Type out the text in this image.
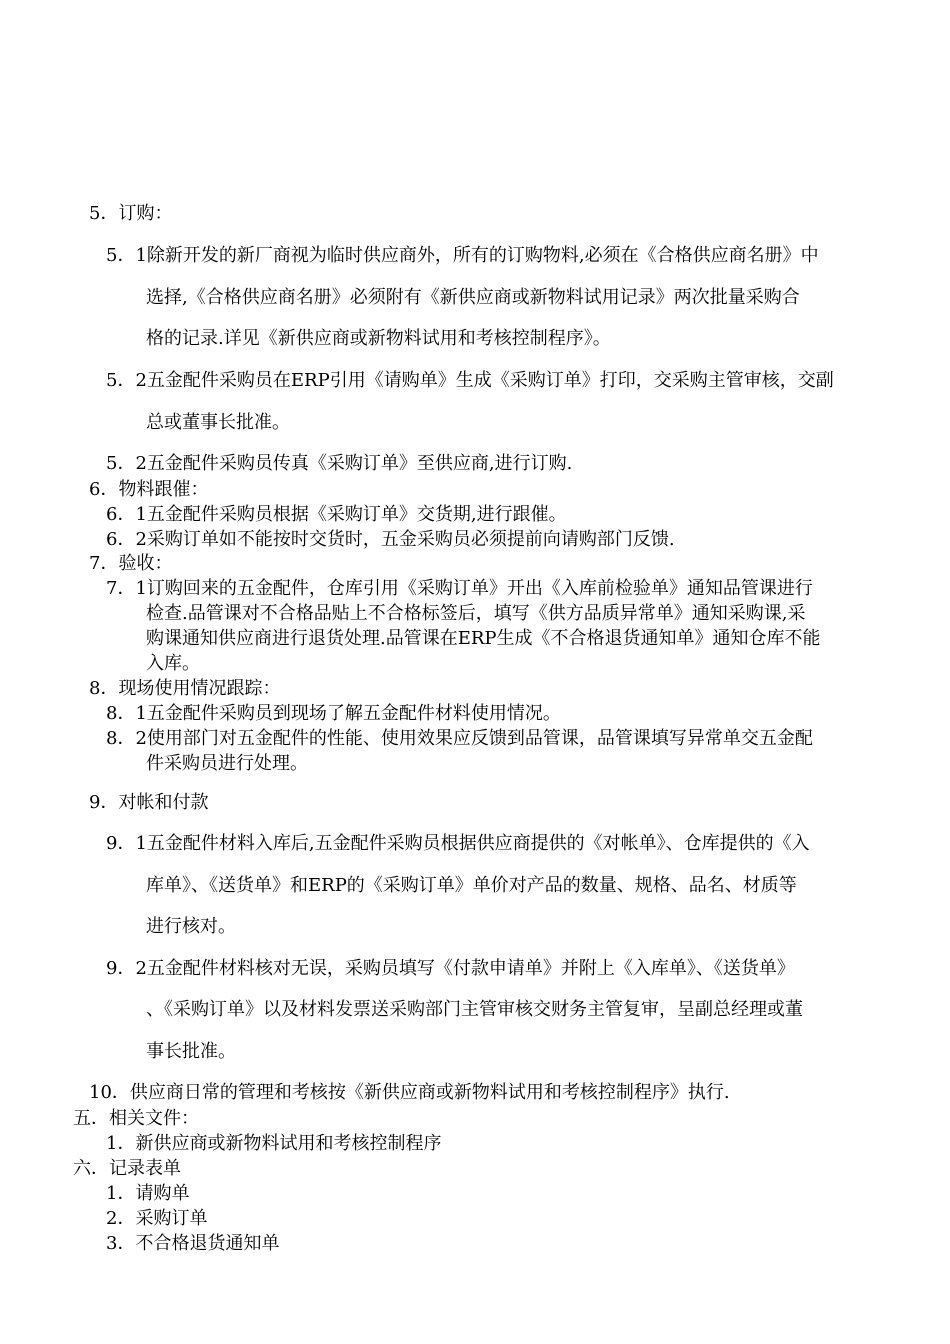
5．订购：
5．1除新开发的新厂商视为临时供应商外，所有的订购物料,必须在《合格供应商名册》中
选择,《合格供应商名册》必须附有《新供应商或新物料试用记录》两次批量采购合
格的记录.详见《新供应商或新物料试用和考核控制程序》。
5．2五金配件采购员在ERP引用《请购单》生成《采购订单》打印，交采购主管审核，交副
总或董事长批准。
5．2五金配件采购员传真《采购订单》至供应商,进行订购.
6．物料跟催：
6．1五金配件采购员根据《采购订单》交货期,进行跟催。
6．2采购订单如不能按时交货时，五金采购员必须提前向请购部门反馈.
7．验收：
7．1订购回来的五金配件，仓库引用《采购订单》开出《入库前检验单》通知品管课进行
检查.品管课对不合格品贴上不合格标签后，填写《供方品质异常单》通知采购课,采
购课通知供应商进行退货处理.品管课在ERP生成《不合格退货通知单》通知仓库不能
入库。
8．现场使用情况跟踪：
8．1五金配件采购员到现场了解五金配件材料使用情况。
8．2使用部门对五金配件的性能、使用效果应反馈到品管课，品管课填写异常单交五金配
件采购员进行处理。
9．对帐和付款
9．1五金配件材料入库后,五金配件采购员根据供应商提供的《对帐单》、仓库提供的《入
库单》、《送货单》和ERP的《采购订单》单价对产品的数量、规格、品名、材质等
进行核对。
9．2五金配件材料核对无误，采购员填写《付款申请单》并附上《入库单》、《送货单》
、《采购订单》以及材料发票送采购部门主管审核交财务主管复审，呈副总经理或董
事长批准。
10．供应商日常的管理和考核按《新供应商或新物料试用和考核控制程序》执行.
五．相关文件：
1．新供应商或新物料试用和考核控制程序
六．记录表单
1．请购单
2．采购订单
3．不合格退货通知单
